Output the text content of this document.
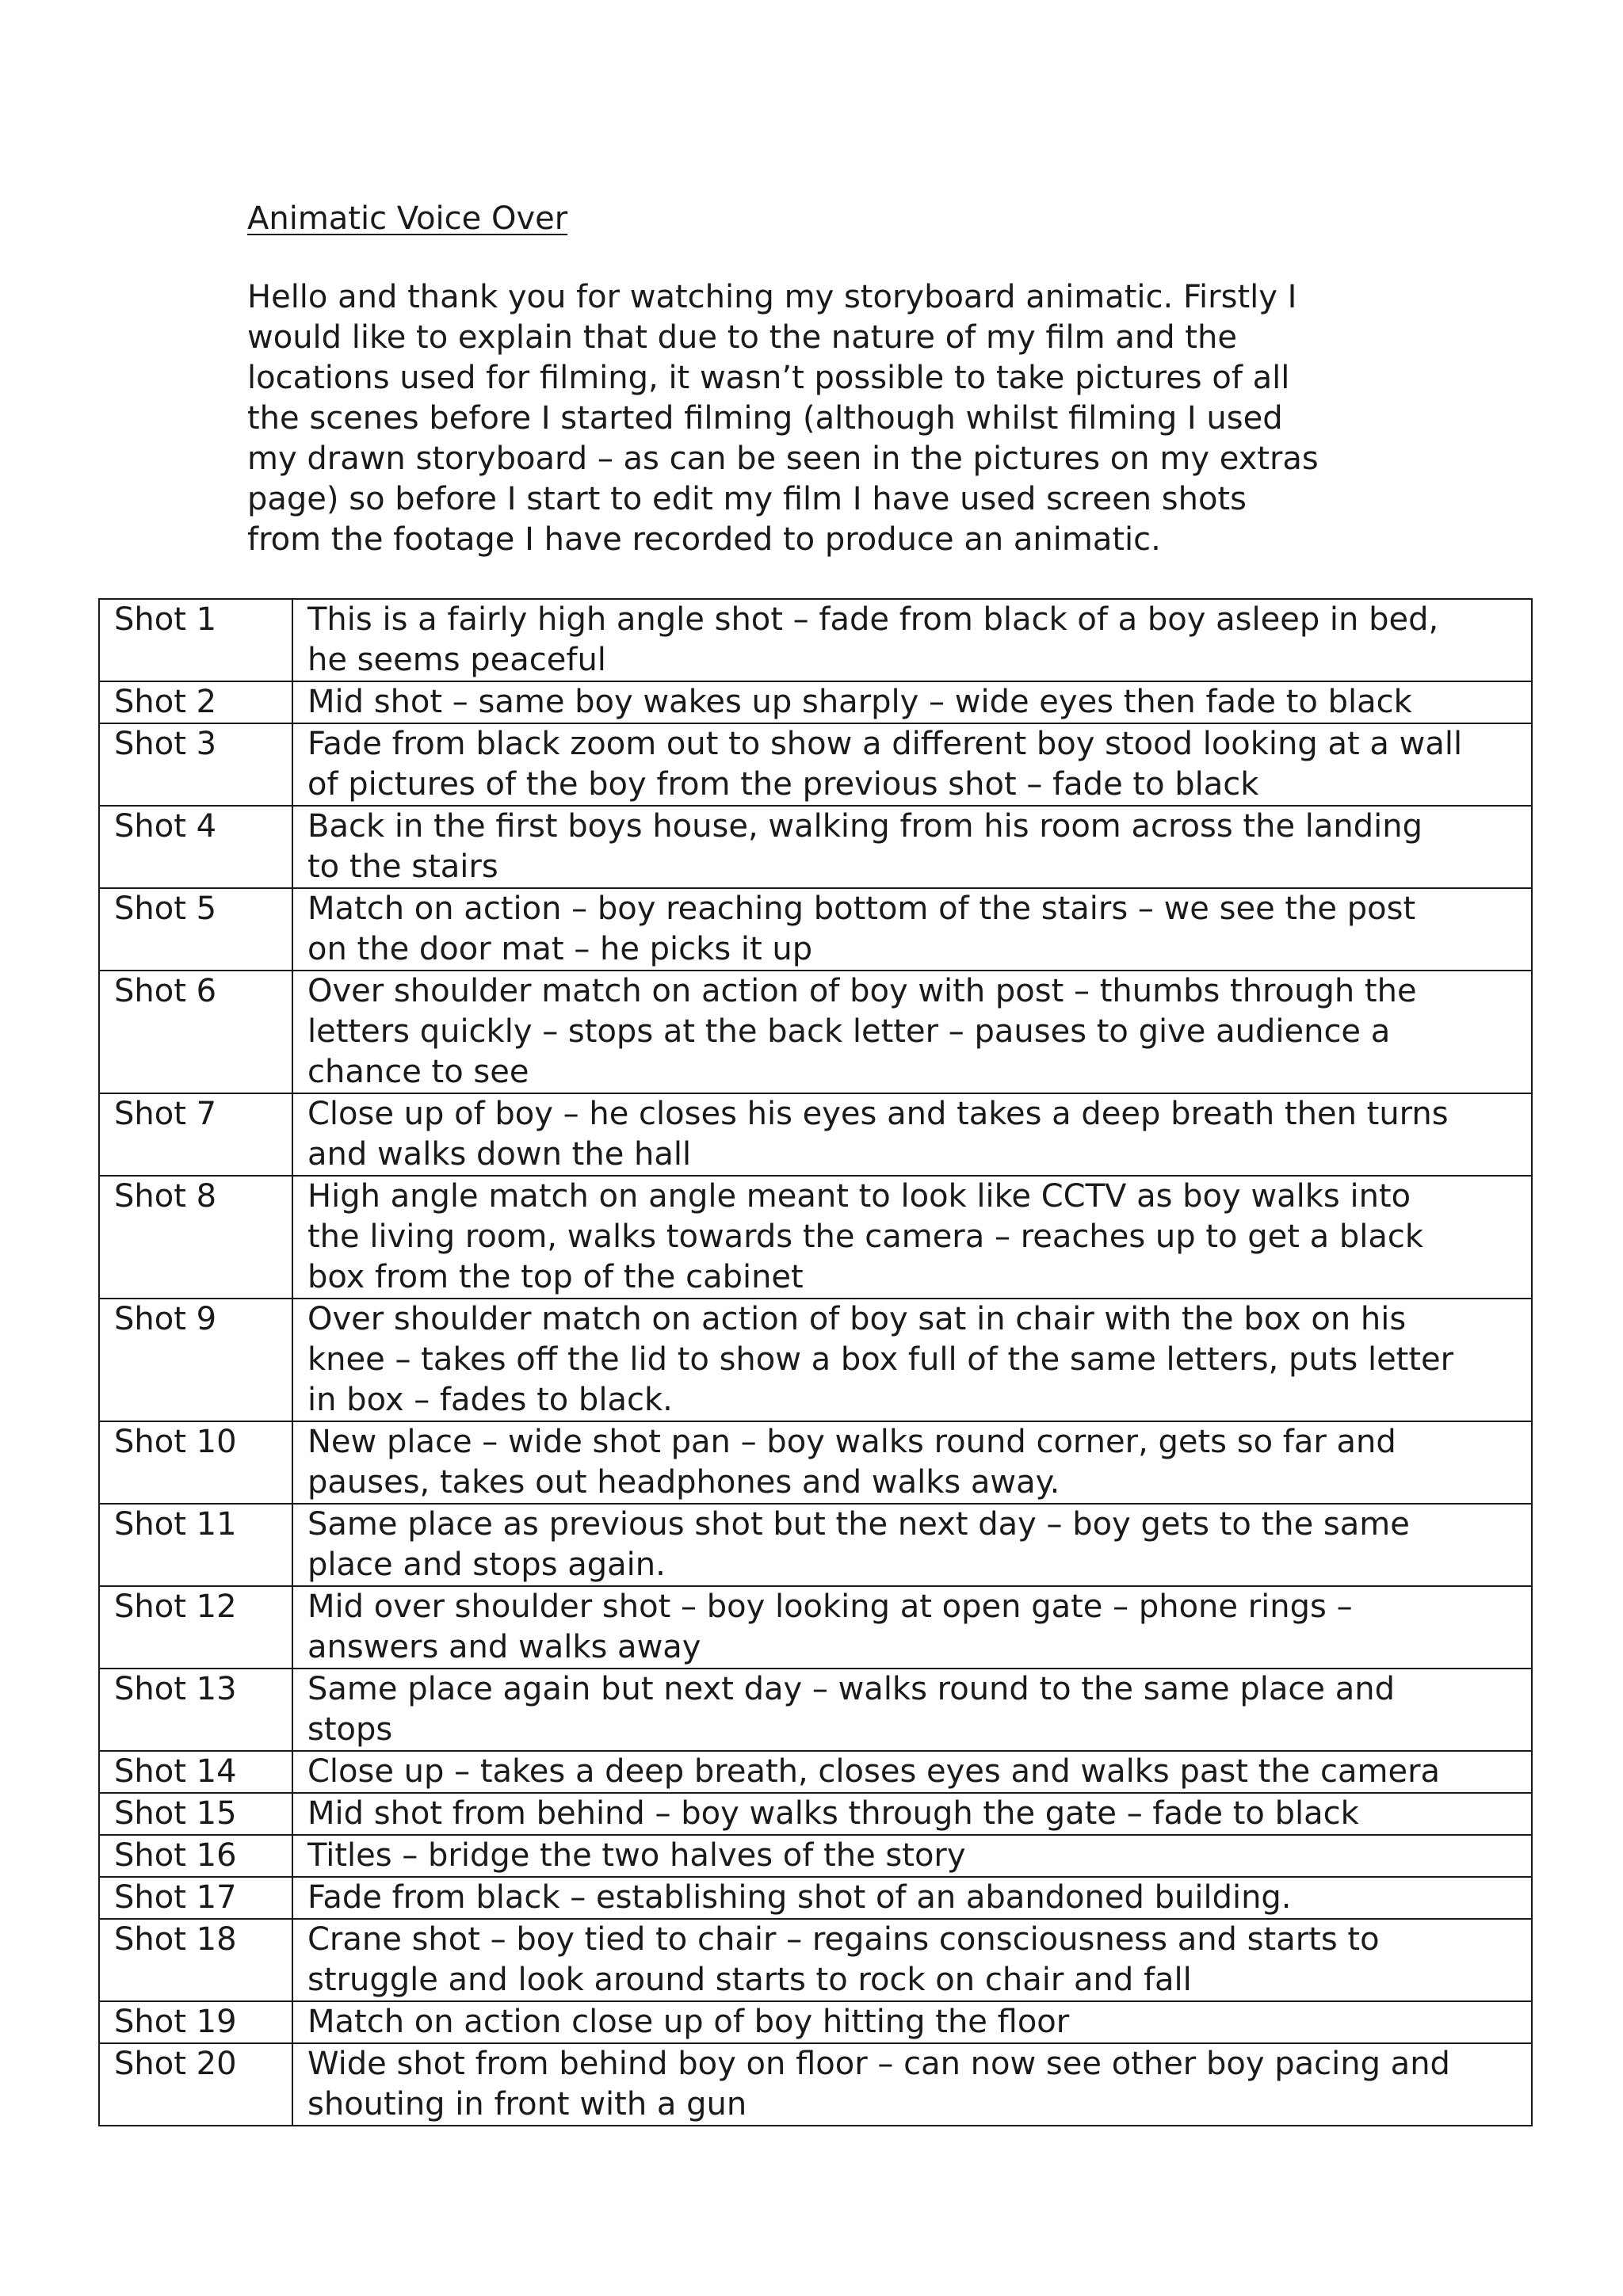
Animatic Voice Over

Hello and thank you for watching my storyboard animatic. Firstly I
would like to explain that due to the nature of my film and the
locations used for filming, it wasn’t possible to take pictures of all
the scenes before I started filming (although whilst filming I used
my drawn storyboard – as can be seen in the pictures on my extras
page) so before I start to edit my film I have used screen shots
from the footage I have recorded to produce an animatic.

Shot 1	This is a fairly high angle shot – fade from black of a boy asleep in bed,
he seems peaceful

Shot 2	Mid shot – same boy wakes up sharply – wide eyes then fade to black

Shot 3	Fade from black zoom out to show a different boy stood looking at a wall
of pictures of the boy from the previous shot – fade to black

Shot 4	Back in the first boys house, walking from his room across the landing
to the stairs

Shot 5	Match on action – boy reaching bottom of the stairs – we see the post
on the door mat – he picks it up

Shot 6	Over shoulder match on action of boy with post – thumbs through the
letters quickly – stops at the back letter – pauses to give audience a
chance to see

Shot 7	Close up of boy – he closes his eyes and takes a deep breath then turns
and walks down the hall

Shot 8	High angle match on angle meant to look like CCTV as boy walks into
the living room, walks towards the camera – reaches up to get a black
box from the top of the cabinet

Shot 9	Over shoulder match on action of boy sat in chair with the box on his
knee – takes off the lid to show a box full of the same letters, puts letter
in box – fades to black.

Shot 10	New place – wide shot pan – boy walks round corner, gets so far and
pauses, takes out headphones and walks away.

Shot 11	Same place as previous shot but the next day – boy gets to the same
place and stops again.

Shot 12	Mid over shoulder shot – boy looking at open gate – phone rings –
answers and walks away

Shot 13	Same place again but next day – walks round to the same place and
stops

Shot 14	Close up – takes a deep breath, closes eyes and walks past the camera

Shot 15	Mid shot from behind – boy walks through the gate – fade to black

Shot 16	Titles – bridge the two halves of the story

Shot 17	Fade from black – establishing shot of an abandoned building.

Shot 18	Crane shot – boy tied to chair – regains consciousness and starts to
struggle and look around starts to rock on chair and fall

Shot 19	Match on action close up of boy hitting the floor

Shot 20	Wide shot from behind boy on floor – can now see other boy pacing and
shouting in front with a gun
